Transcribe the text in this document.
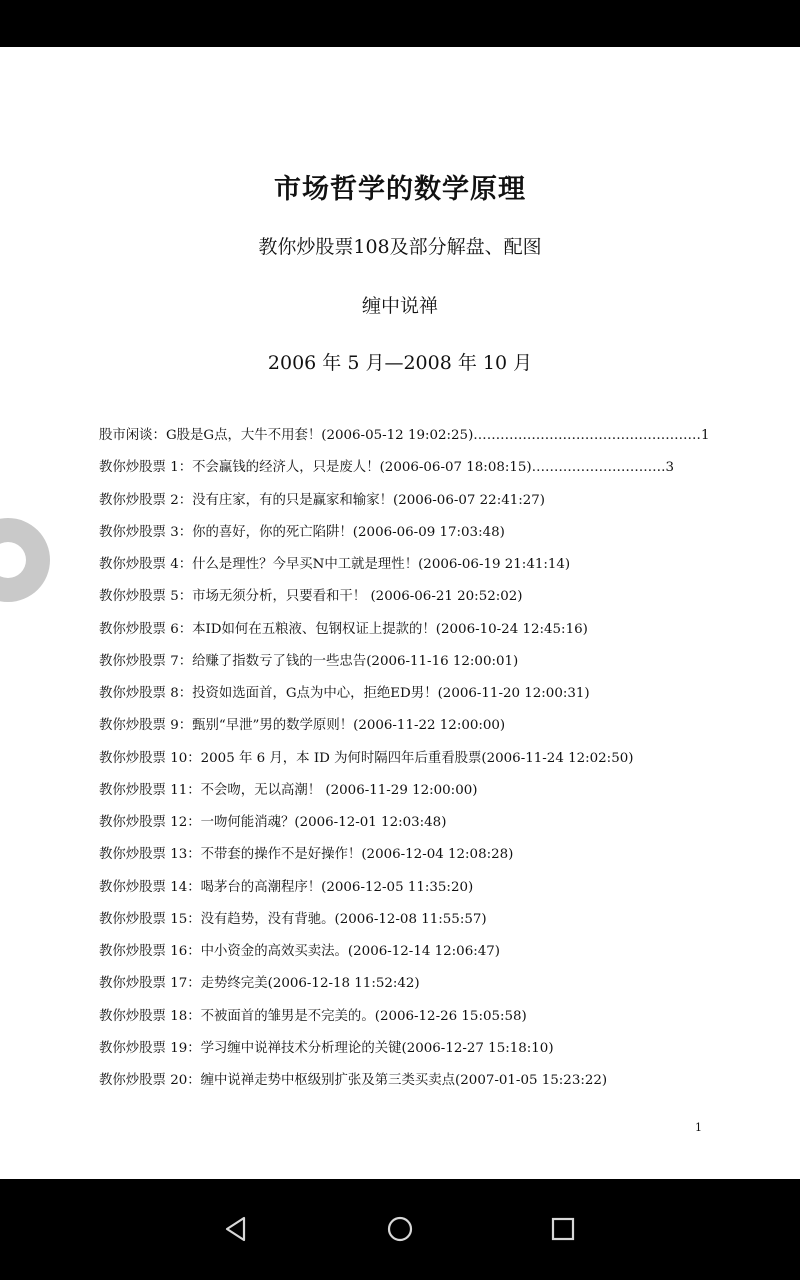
市场哲学的数学原理
教你炒股票108及部分解盘、配图
缠中说禅
2006 年 5 月—2008 年 10 月
股市闲谈：G股是G点，大牛不用套！(2006-05-12 19:02:25)……………………………………………1
教你炒股票 1：不会赢钱的经济人，只是废人！(2006-06-07 18:08:15)…………………………3
教你炒股票 2：没有庄家，有的只是赢家和输家！(2006-06-07 22:41:27)
教你炒股票 3：你的喜好，你的死亡陷阱！(2006-06-09 17:03:48)
教你炒股票 4：什么是理性？今早买N中工就是理性！(2006-06-19 21:41:14)
教你炒股票 5：市场无须分析，只要看和干！ (2006-06-21 20:52:02)
教你炒股票 6：本ID如何在五粮液、包钢权证上提款的！(2006-10-24 12:45:16)
教你炒股票 7：给赚了指数亏了钱的一些忠告(2006-11-16 12:00:01)
教你炒股票 8：投资如选面首，G点为中心，拒绝ED男！(2006-11-20 12:00:31)
教你炒股票 9：甄别“早泄”男的数学原则！(2006-11-22 12:00:00)
教你炒股票 10：2005 年 6 月，本 ID 为何时隔四年后重看股票(2006-11-24 12:02:50)
教你炒股票 11：不会吻，无以高潮！ (2006-11-29 12:00:00)
教你炒股票 12：一吻何能消魂？(2006-12-01 12:03:48)
教你炒股票 13：不带套的操作不是好操作！(2006-12-04 12:08:28)
教你炒股票 14：喝茅台的高潮程序！(2006-12-05 11:35:20)
教你炒股票 15：没有趋势，没有背驰。(2006-12-08 11:55:57)
教你炒股票 16：中小资金的高效买卖法。(2006-12-14 12:06:47)
教你炒股票 17：走势终完美(2006-12-18 11:52:42)
教你炒股票 18：不被面首的雏男是不完美的。(2006-12-26 15:05:58)
教你炒股票 19：学习缠中说禅技术分析理论的关键(2006-12-27 15:18:10)
教你炒股票 20：缠中说禅走势中枢级别扩张及第三类买卖点(2007-01-05 15:23:22)
1
